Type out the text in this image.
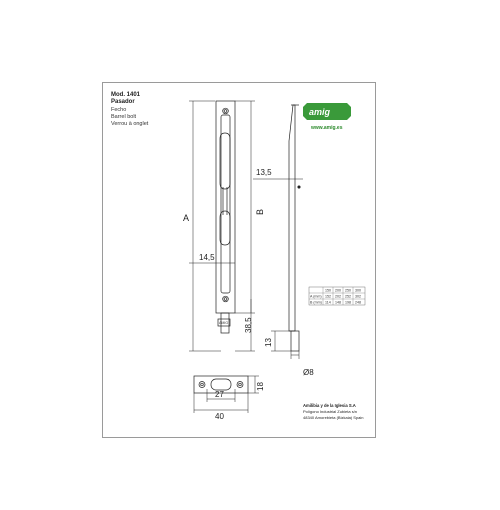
Mod. 1401
Pasador
Fecho
Barrel bolt
Verrou à onglet
amig
www.amig.es
AMIG
A
B
14,5
13,5
38,5
13
Ø8
18
27
40
150 200 250 300
A (mm) 152 202 252 302
B (mm) 114 148 198 248
Amilibia y de la Iglesia S.A
Polígono Industrial Zubieta s/n
48340 Amorebieta (Bizkaia) Spain
